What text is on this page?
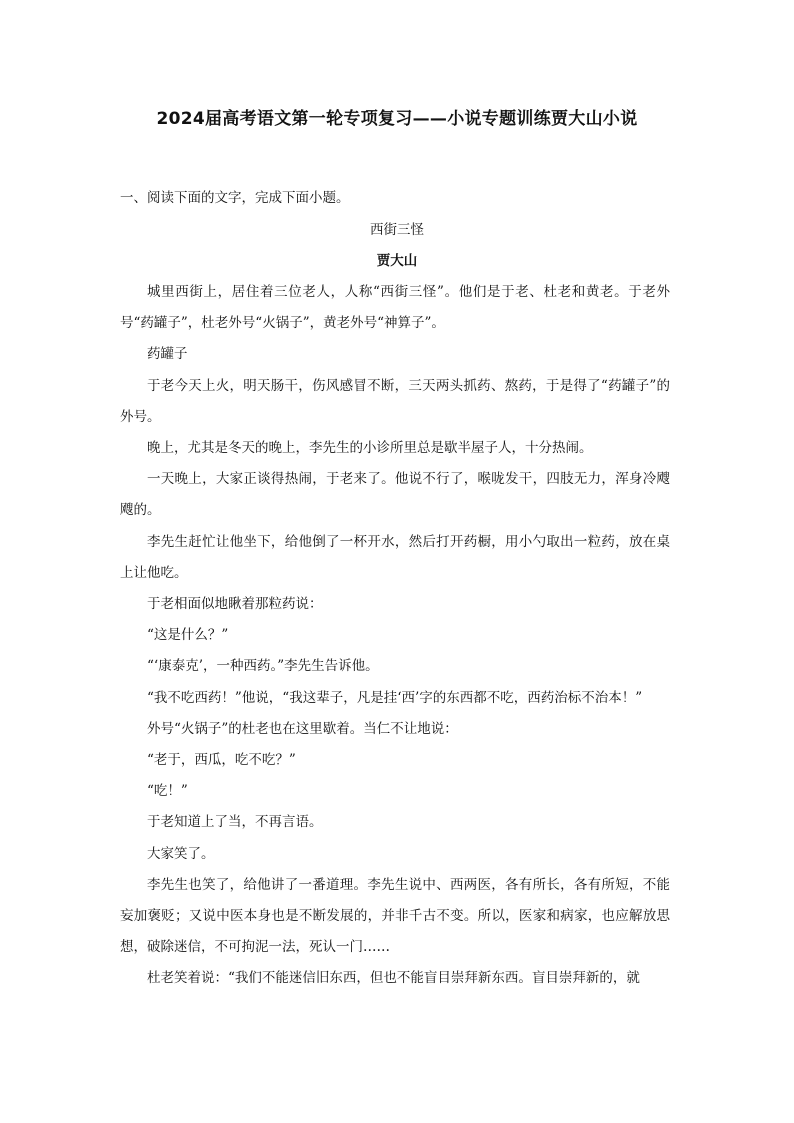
2024届高考语文第一轮专项复习——小说专题训练贾大山小说
一、阅读下面的文字，完成下面小题。
西街三怪
贾大山

城里西街上，居住着三位老人，人称“西街三怪”。他们是于老、杜老和黄老。于老外号“药罐子”，杜老外号“火锅子”，黄老外号“神算子”。

药罐子

于老今天上火，明天肠干，伤风感冒不断，三天两头抓药、熬药，于是得了“药罐子”的外号。

晚上，尤其是冬天的晚上，李先生的小诊所里总是歇半屋子人，十分热闹。

一天晚上，大家正谈得热闹，于老来了。他说不行了，喉咙发干，四肢无力，浑身冷飕飕的。

李先生赶忙让他坐下，给他倒了一杯开水，然后打开药橱，用小勺取出一粒药，放在桌上让他吃。

于老相面似地瞅着那粒药说：

“这是什么？”

“‘康泰克’，一种西药。”李先生告诉他。

“我不吃西药！”他说，“我这辈子，凡是挂‘西’字的东西都不吃，西药治标不治本！”

外号“火锅子”的杜老也在这里歇着。当仁不让地说：

“老于，西瓜，吃不吃？”

“吃！”

于老知道上了当，不再言语。

大家笑了。

李先生也笑了，给他讲了一番道理。李先生说中、西两医，各有所长，各有所短，不能妄加褒贬；又说中医本身也是不断发展的，并非千古不变。所以，医家和病家，也应解放思想，破除迷信，不可拘泥一法，死认一门……

杜老笑着说：“我们不能迷信旧东西，但也不能盲目崇拜新东西。盲目崇拜新的，就
